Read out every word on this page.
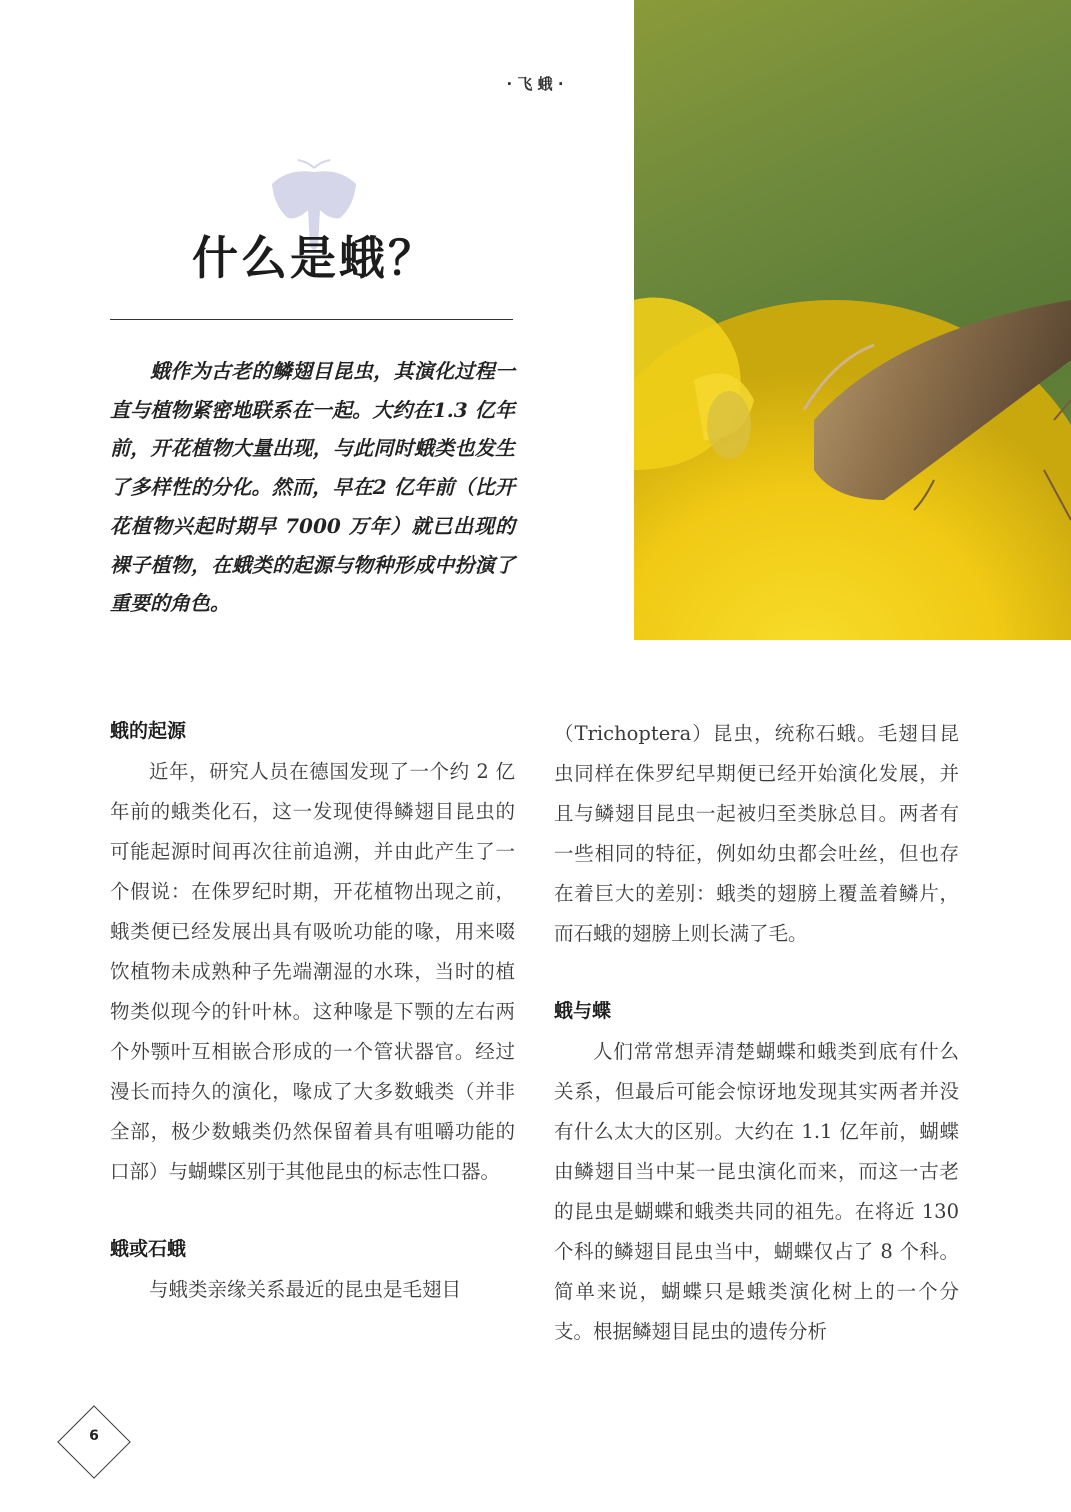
· 飞 蛾 ·
什么是蛾？

蛾作为古老的鳞翅目昆虫，其演化过程一直与植物紧密地联系在一起。大约在1.3 亿年前，开花植物大量出现，与此同时蛾类也发生了多样性的分化。然而，早在2 亿年前（比开花植物兴起时期早 7000 万年）就已出现的裸子植物，在蛾类的起源与物种形成中扮演了重要的角色。

蛾的起源

近年，研究人员在德国发现了一个约 2 亿年前的蛾类化石，这一发现使得鳞翅目昆虫的可能起源时间再次往前追溯，并由此产生了一个假说：在侏罗纪时期，开花植物出现之前，蛾类便已经发展出具有吸吮功能的喙，用来啜饮植物未成熟种子先端潮湿的水珠，当时的植物类似现今的针叶林。这种喙是下颚的左右两个外颚叶互相嵌合形成的一个管状器官。经过漫长而持久的演化，喙成了大多数蛾类（并非全部，极少数蛾类仍然保留着具有咀嚼功能的口部）与蝴蝶区别于其他昆虫的标志性口器。

蛾或石蛾

与蛾类亲缘关系最近的昆虫是毛翅目

（Trichoptera）昆虫，统称石蛾。毛翅目昆虫同样在侏罗纪早期便已经开始演化发展，并且与鳞翅目昆虫一起被归至类脉总目。两者有一些相同的特征，例如幼虫都会吐丝，但也存在着巨大的差别：蛾类的翅膀上覆盖着鳞片，而石蛾的翅膀上则长满了毛。

蛾与蝶

人们常常想弄清楚蝴蝶和蛾类到底有什么关系，但最后可能会惊讶地发现其实两者并没有什么太大的区别。大约在 1.1 亿年前，蝴蝶由鳞翅目当中某一昆虫演化而来，而这一古老的昆虫是蝴蝶和蛾类共同的祖先。在将近 130 个科的鳞翅目昆虫当中，蝴蝶仅占了 8 个科。简单来说，蝴蝶只是蛾类演化树上的一个分支。根据鳞翅目昆虫的遗传分析

6
